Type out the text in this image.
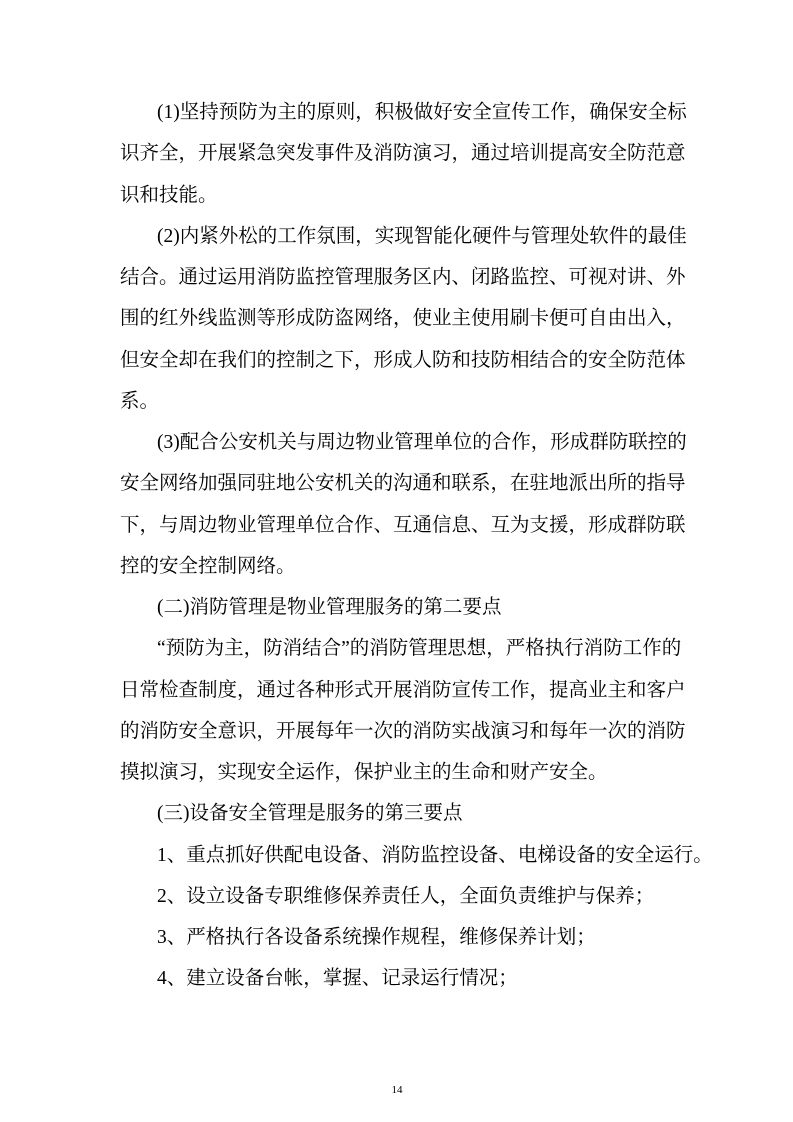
(1)坚持预防为主的原则，积极做好安全宣传工作，确保安全标
识齐全，开展紧急突发事件及消防演习，通过培训提高安全防范意
识和技能。
(2)内紧外松的工作氛围，实现智能化硬件与管理处软件的最佳
结合。通过运用消防监控管理服务区内、闭路监控、可视对讲、外
围的红外线监测等形成防盗网络，使业主使用刷卡便可自由出入，
但安全却在我们的控制之下，形成人防和技防相结合的安全防范体
系。
(3)配合公安机关与周边物业管理单位的合作，形成群防联控的
安全网络加强同驻地公安机关的沟通和联系，在驻地派出所的指导
下，与周边物业管理单位合作、互通信息、互为支援，形成群防联
控的安全控制网络。
(二)消防管理是物业管理服务的第二要点
“预防为主，防消结合”的消防管理思想，严格执行消防工作的
日常检查制度，通过各种形式开展消防宣传工作，提高业主和客户
的消防安全意识，开展每年一次的消防实战演习和每年一次的消防
摸拟演习，实现安全运作，保护业主的生命和财产安全。
(三)设备安全管理是服务的第三要点
1、重点抓好供配电设备、消防监控设备、电梯设备的安全运行。
2、设立设备专职维修保养责任人，全面负责维护与保养；
3、严格执行各设备系统操作规程，维修保养计划；
4、建立设备台帐，掌握、记录运行情况；
14
